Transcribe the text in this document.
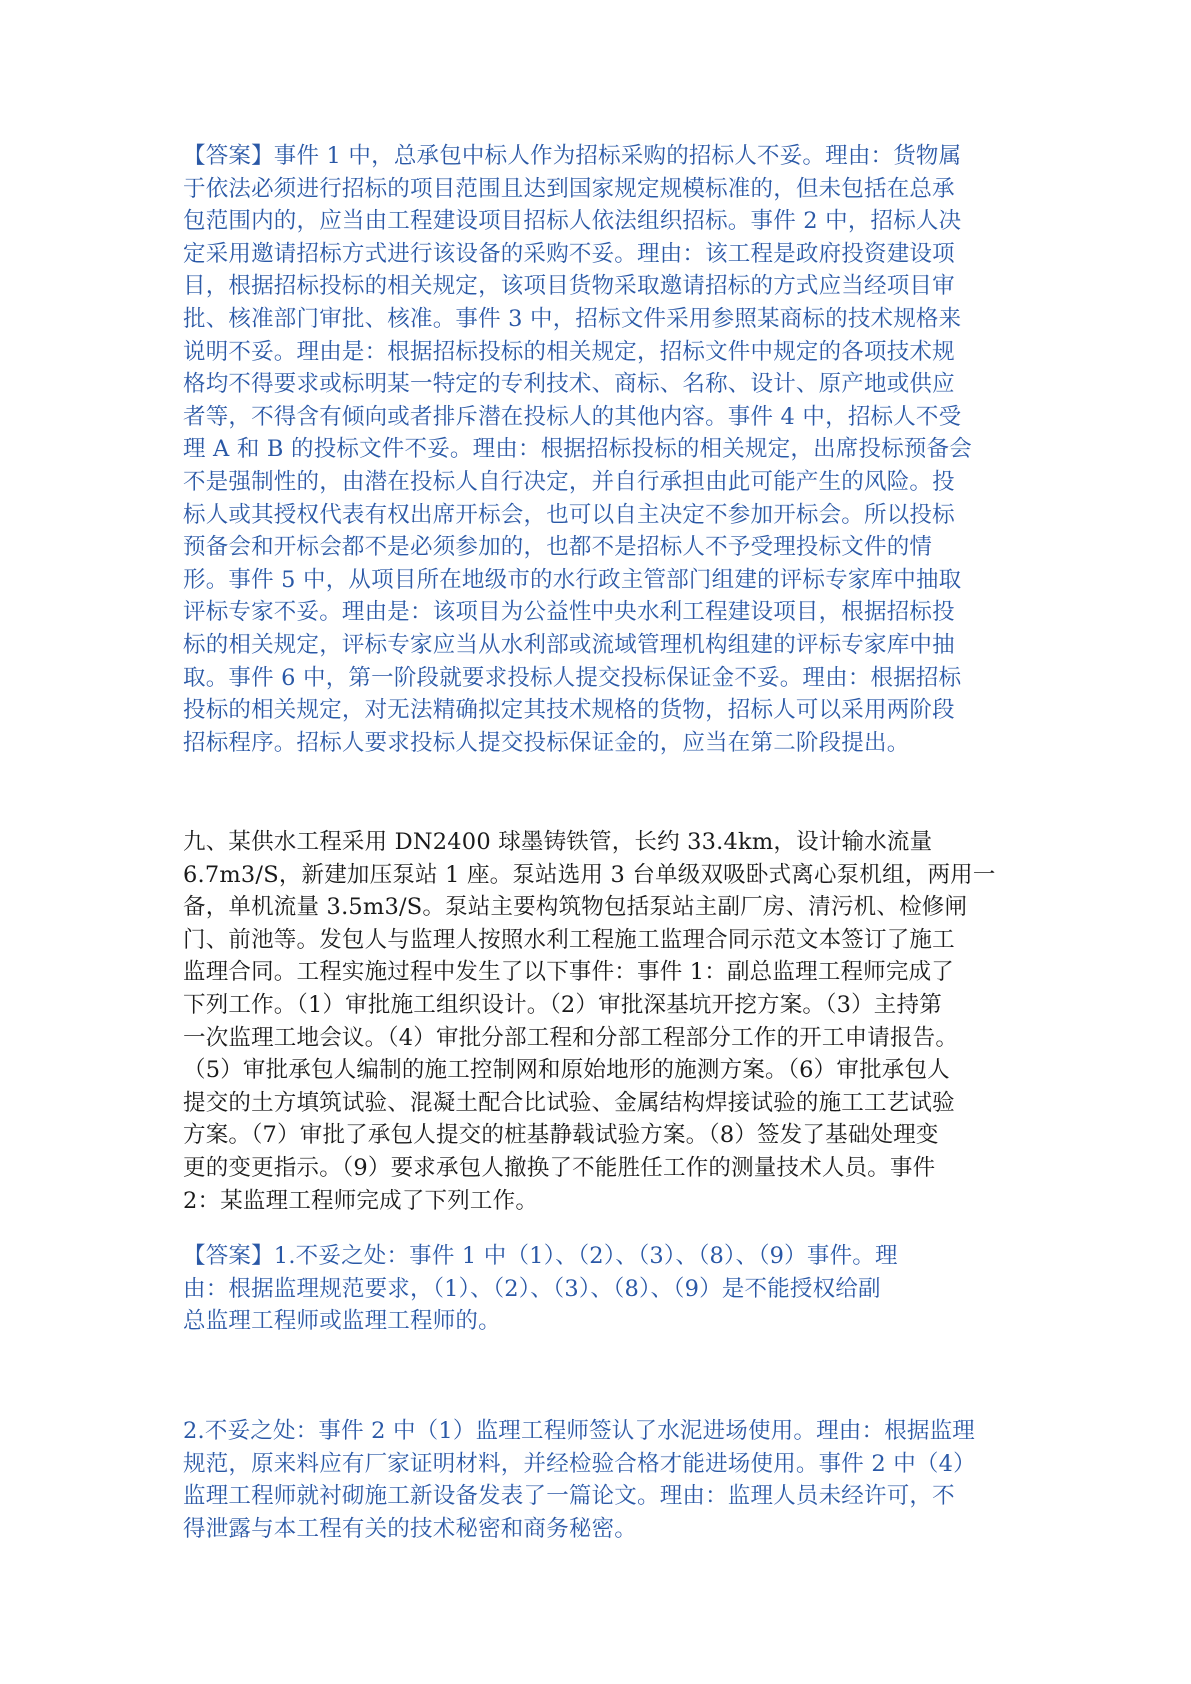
【答案】事件 1 中，总承包中标人作为招标采购的招标人不妥。理由：货物属
于依法必须进行招标的项目范围且达到国家规定规模标准的，但未包括在总承
包范围内的，应当由工程建设项目招标人依法组织招标。事件 2 中，招标人决
定采用邀请招标方式进行该设备的采购不妥。理由：该工程是政府投资建设项
目，根据招标投标的相关规定，该项目货物采取邀请招标的方式应当经项目审
批、核准部门审批、核准。事件 3 中，招标文件采用参照某商标的技术规格来
说明不妥。理由是：根据招标投标的相关规定，招标文件中规定的各项技术规
格均不得要求或标明某一特定的专利技术、商标、名称、设计、原产地或供应
者等，不得含有倾向或者排斥潜在投标人的其他内容。事件 4 中，招标人不受
理 A 和 B 的投标文件不妥。理由：根据招标投标的相关规定，出席投标预备会
不是强制性的，由潜在投标人自行决定，并自行承担由此可能产生的风险。投
标人或其授权代表有权出席开标会，也可以自主决定不参加开标会。所以投标
预备会和开标会都不是必须参加的，也都不是招标人不予受理投标文件的情
形。事件 5 中，从项目所在地级市的水行政主管部门组建的评标专家库中抽取
评标专家不妥。理由是：该项目为公益性中央水利工程建设项目，根据招标投
标的相关规定，评标专家应当从水利部或流域管理机构组建的评标专家库中抽
取。事件 6 中，第一阶段就要求投标人提交投标保证金不妥。理由：根据招标
投标的相关规定，对无法精确拟定其技术规格的货物，招标人可以采用两阶段
招标程序。招标人要求投标人提交投标保证金的，应当在第二阶段提出。
九、某供水工程采用 DN2400 球墨铸铁管，长约 33.4km，设计输水流量
6.7m3/S，新建加压泵站 1 座。泵站选用 3 台单级双吸卧式离心泵机组，两用一
备，单机流量 3.5m3/S。泵站主要构筑物包括泵站主副厂房、清污机、检修闸
门、前池等。发包人与监理人按照水利工程施工监理合同示范文本签订了施工
监理合同。工程实施过程中发生了以下事件：事件 1：副总监理工程师完成了
下列工作。（1）审批施工组织设计。（2）审批深基坑开挖方案。（3）主持第
一次监理工地会议。（4）审批分部工程和分部工程部分工作的开工申请报告。
（5）审批承包人编制的施工控制网和原始地形的施测方案。（6）审批承包人
提交的土方填筑试验、混凝土配合比试验、金属结构焊接试验的施工工艺试验
方案。（7）审批了承包人提交的桩基静载试验方案。（8）签发了基础处理变
更的变更指示。（9）要求承包人撤换了不能胜任工作的测量技术人员。事件
2：某监理工程师完成了下列工作。
【答案】1.不妥之处：事件 1 中（1）、（2）、（3）、（8）、（9）事件。理
由：根据监理规范要求，（1）、（2）、（3）、（8）、（9）是不能授权给副
总监理工程师或监理工程师的。
2.不妥之处：事件 2 中（1）监理工程师签认了水泥进场使用。理由：根据监理
规范，原来料应有厂家证明材料，并经检验合格才能进场使用。事件 2 中（4）
监理工程师就衬砌施工新设备发表了一篇论文。理由：监理人员未经许可，不
得泄露与本工程有关的技术秘密和商务秘密。
